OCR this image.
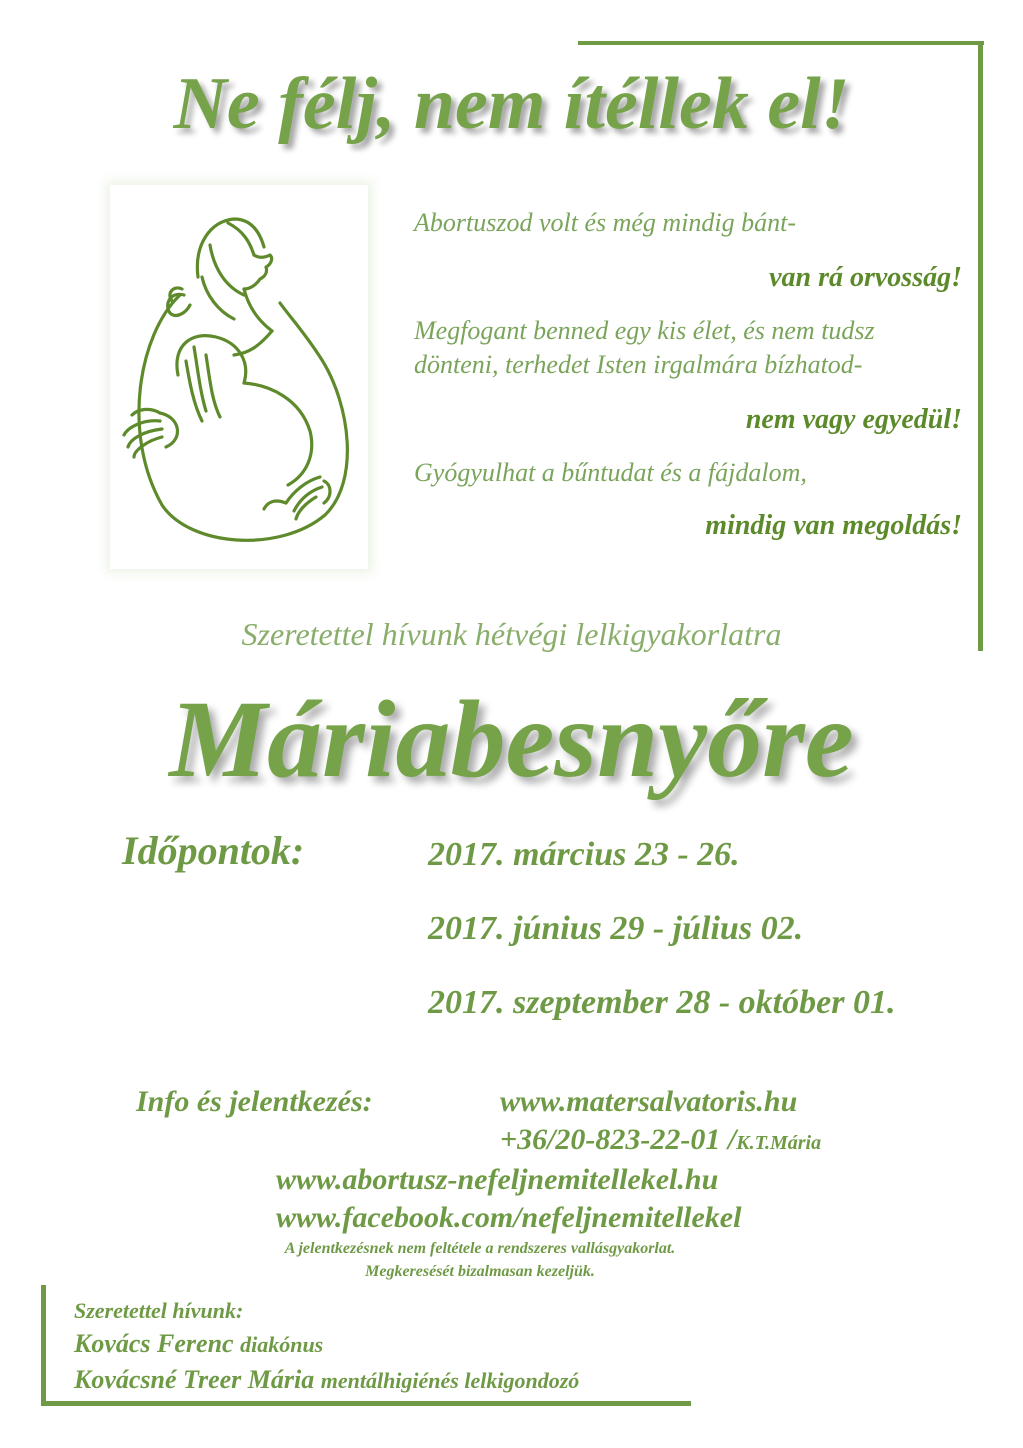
Ne félj, nem ítéllek el!
Abortuszod volt és még mindig bánt-
van rá orvosság!
Megfogant benned egy kis élet, és nem tudsz
dönteni, terhedet Isten irgalmára bízhatod-
nem vagy egyedül!
Gyógyulhat a bűntudat és a fájdalom,
mindig van megoldás!
Szeretettel hívunk hétvégi lelkigyakorlatra
Máriabesnyőre
Időpontok:	2017. március 23 - 26.
2017. június 29 - július 02.
2017. szeptember 28 - október 01.
Info és jelentkezés:	www.matersalvatoris.hu
+36/20-823-22-01 /K.T.Mária
www.abortusz-nefeljnemitellekel.hu
www.facebook.com/nefeljnemitellekel
A jelentkezésnek nem feltétele a rendszeres vallásgyakorlat.
Megkeresését bizalmasan kezeljük.
Szeretettel hívunk:
Kovács Ferenc diakónus
Kovácsné Treer Mária mentálhigiénés lelkigondozó
